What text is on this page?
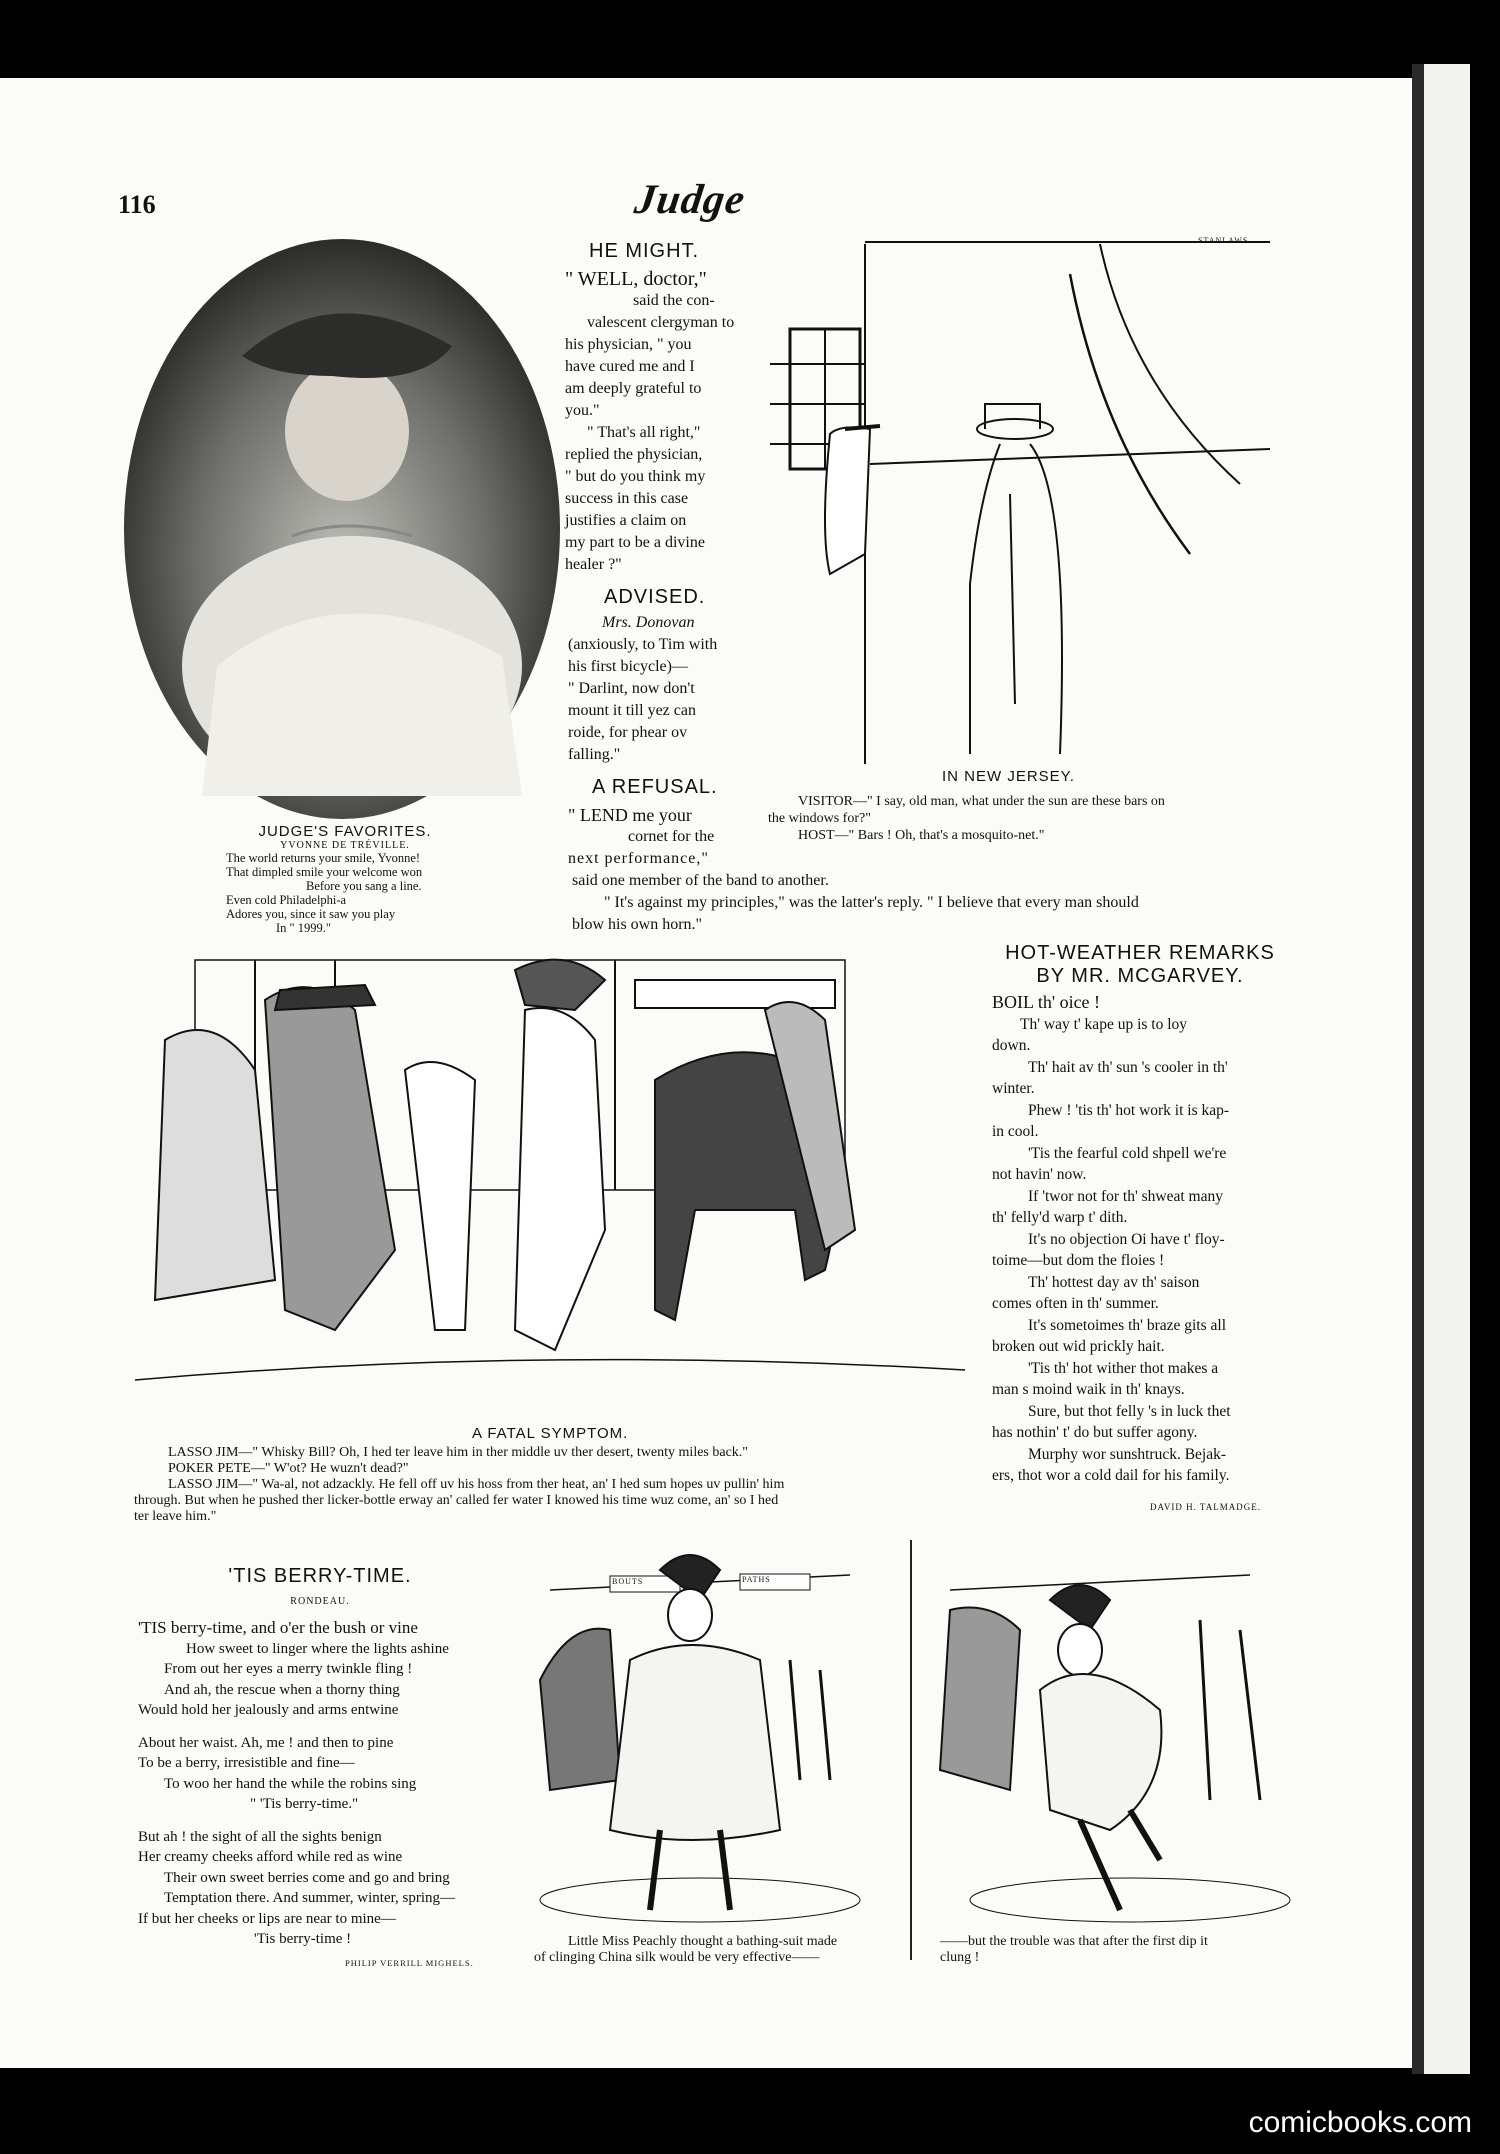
116	Judge
JUDGE'S FAVORITES.
YVONNE DE TRÉVILLE.
The world returns your smile, Yvonne!
That dimpled smile your welcome won
Before you sang a line.
Even cold Philadelphi-a
Adores you, since it saw you play
In " 1999."
HE MIGHT.
" WELL, doctor,"
said the con-
valescent clergyman to
his physician, " you
have cured me and I
am deeply grateful to
you."
" That's all right,"
replied the physician,
" but do you think my
success in this case
justifies a claim on
my part to be a divine
healer ?"
ADVISED.
Mrs. Donovan
(anxiously, to Tim with
his first bicycle)—
" Darlint, now don't
mount it till yez can
roide, for phear ov
falling."
STANLAWS.
IN NEW JERSEY.
VISITOR—" I say, old man, what under the sun are these bars on
the windows for?"
HOST—" Bars ! Oh, that's a mosquito-net."
A REFUSAL.
" LEND me your
cornet for the
next performance,"
said one member of the band to another.
" It's against my principles," was the latter's reply. " I believe that every man should
blow his own horn."
A FATAL SYMPTOM.
LASSO JIM—" Whisky Bill? Oh, I hed ter leave him in ther middle uv ther desert, twenty miles back."
POKER PETE—" W'ot? He wuzn't dead?"
LASSO JIM—" Wa-al, not adzackly. He fell off uv his hoss from ther heat, an' I hed sum hopes uv pullin' him
through. But when he pushed ther licker-bottle erway an' called fer water I knowed his time wuz come, an' so I hed
ter leave him."
HOT-WEATHER REMARKS
BY MR. MCGARVEY.
BOIL th' oice !
Th' way t' kape up is to loy
down.
Th' hait av th' sun 's cooler in th'
winter.
Phew ! 'tis th' hot work it is kap-
in cool.
'Tis the fearful cold shpell we're
not havin' now.
If 'twor not for th' shweat many
th' felly'd warp t' dith.
It's no objection Oi have t' floy-
toime—but dom the floies !
Th' hottest day av th' saison
comes often in th' summer.
It's sometoimes th' braze gits all
broken out wid prickly hait.
'Tis th' hot wither thot makes a
man s moind waik in th' knays.
Sure, but thot felly 's in luck thet
has nothin' t' do but suffer agony.
Murphy wor sunshtruck. Bejak-
ers, thot wor a cold dail for his family.
DAVID H. TALMADGE.
'TIS BERRY-TIME.
RONDEAU.
'TIS berry-time, and o'er the bush or vine
How sweet to linger where the lights ashine
From out her eyes a merry twinkle fling !
And ah, the rescue when a thorny thing
Would hold her jealously and arms entwine
About her waist. Ah, me ! and then to pine
To be a berry, irresistible and fine—
To woo her hand the while the robins sing
" 'Tis berry-time."
But ah ! the sight of all the sights benign
Her creamy cheeks afford while red as wine
Their own sweet berries come and go and bring
Temptation there. And summer, winter, spring—
If but her cheeks or lips are near to mine—
'Tis berry-time !
PHILIP VERRILL MIGHELS.
BOUTS	PATHS
Little Miss Peachly thought a bathing-suit made
of clinging China silk would be very effective——
——but the trouble was that after the first dip it
clung !
comicbooks.com
